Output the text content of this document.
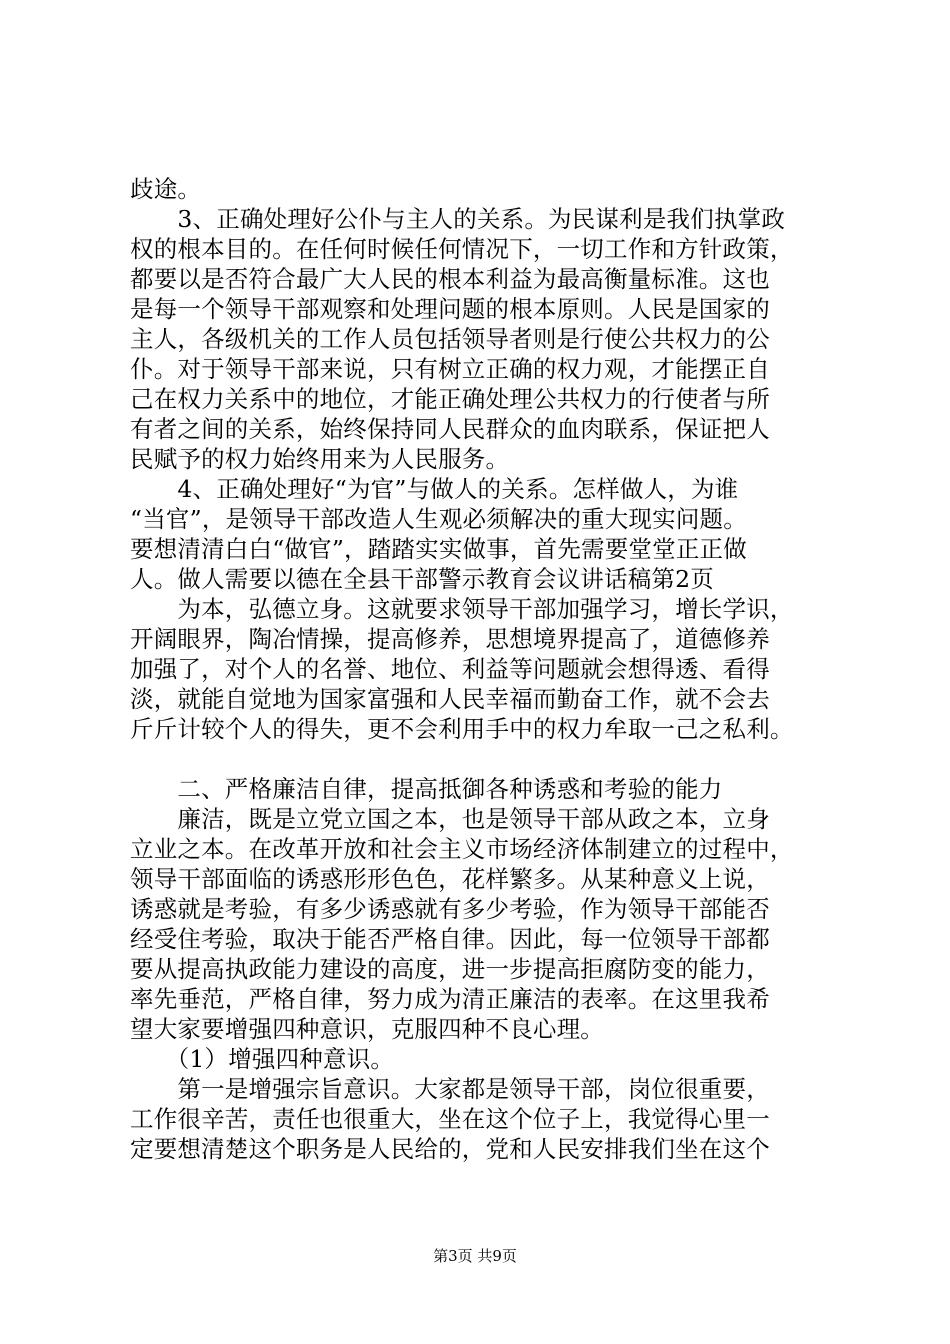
歧途。
　　3、正确处理好公仆与主人的关系。为民谋利是我们执掌政
权的根本目的。在任何时候任何情况下，一切工作和方针政策，
都要以是否符合最广大人民的根本利益为最高衡量标准。这也
是每一个领导干部观察和处理问题的根本原则。人民是国家的
主人，各级机关的工作人员包括领导者则是行使公共权力的公
仆。对于领导干部来说，只有树立正确的权力观，才能摆正自
己在权力关系中的地位，才能正确处理公共权力的行使者与所
有者之间的关系，始终保持同人民群众的血肉联系，保证把人
民赋予的权力始终用来为人民服务。
　　4、正确处理好“为官”与做人的关系。怎样做人，为谁
“当官”，是领导干部改造人生观必须解决的重大现实问题。
要想清清白白“做官”，踏踏实实做事，首先需要堂堂正正做
人。做人需要以德在全县干部警示教育会议讲话稿第2页
　　为本，弘德立身。这就要求领导干部加强学习，增长学识，
开阔眼界，陶冶情操，提高修养，思想境界提高了，道德修养
加强了，对个人的名誉、地位、利益等问题就会想得透、看得
淡，就能自觉地为国家富强和人民幸福而勤奋工作，就不会去
斤斤计较个人的得失，更不会利用手中的权力牟取一己之私利。
　　二、严格廉洁自律，提高抵御各种诱惑和考验的能力
　　廉洁，既是立党立国之本，也是领导干部从政之本，立身
立业之本。在改革开放和社会主义市场经济体制建立的过程中，
领导干部面临的诱惑形形色色，花样繁多。从某种意义上说，
诱惑就是考验，有多少诱惑就有多少考验，作为领导干部能否
经受住考验，取决于能否严格自律。因此，每一位领导干部都
要从提高执政能力建设的高度，进一步提高拒腐防变的能力，
率先垂范，严格自律，努力成为清正廉洁的表率。在这里我希
望大家要增强四种意识，克服四种不良心理。
　　（1）增强四种意识。
　　第一是增强宗旨意识。大家都是领导干部，岗位很重要，
工作很辛苦，责任也很重大，坐在这个位子上，我觉得心里一
定要想清楚这个职务是人民给的，党和人民安排我们坐在这个
第3页 共9页
